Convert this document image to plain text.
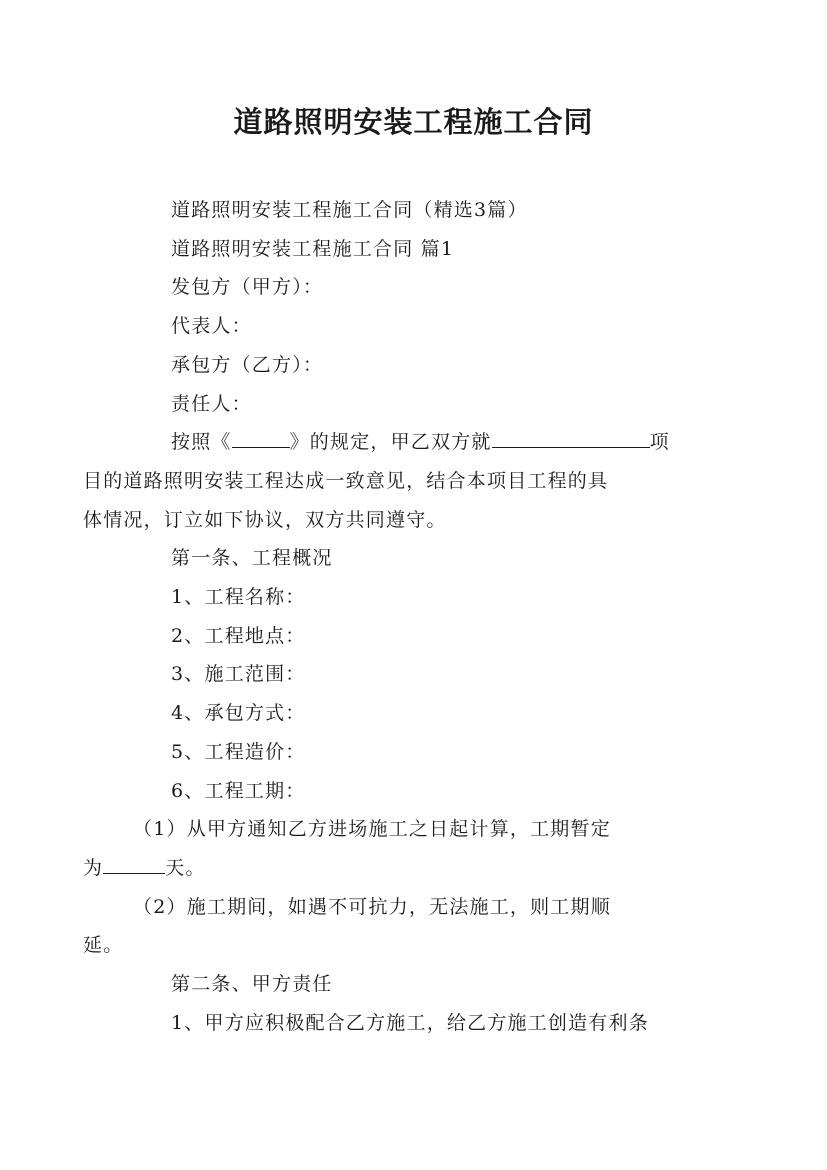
道路照明安装工程施工合同

道路照明安装工程施工合同（精选3篇）

道路照明安装工程施工合同 篇1

发包方（甲方）：

代表人：

承包方（乙方）：

责任人：

按照《	》的规定，甲乙双方就	项

目的道路照明安装工程达成一致意见，结合本项目工程的具
体情况，订立如下协议，双方共同遵守。

第一条、工程概况

1、工程名称：

2、工程地点：

3、施工范围：

4、承包方式：

5、工程造价：

6、工程工期：

（1）从甲方通知乙方进场施工之日起计算，工期暂定
为	天。
（2）施工期间，如遇不可抗力，无法施工，则工期顺
延。

第二条、甲方责任

1、甲方应积极配合乙方施工，给乙方施工创造有利条
